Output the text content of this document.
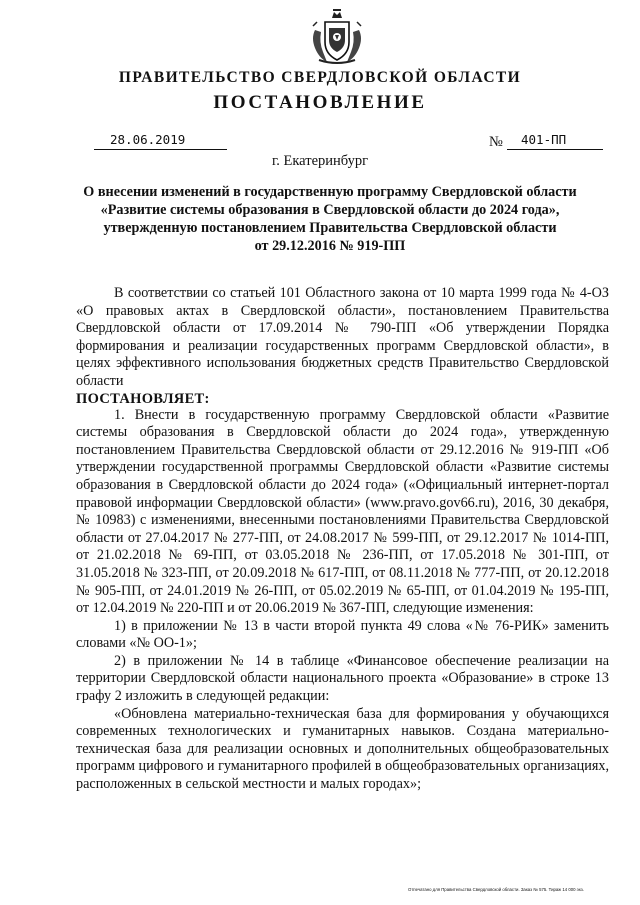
ПРАВИТЕЛЬСТВО СВЕРДЛОВСКОЙ ОБЛАСТИ
ПОСТАНОВЛЕНИЕ
28.06.2019	№ 401-ПП
г. Екатеринбург
О внесении изменений в государственную программу Свердловской области
«Развитие системы образования в Свердловской области до 2024 года»,
утвержденную постановлением Правительства Свердловской области
от 29.12.2016 № 919-ПП

В соответствии со статьей 101 Областного закона от 10 марта 1999 года № 4-ОЗ «О правовых актах в Свердловской области», постановлением Правительства Свердловской области от 17.09.2014 № 790-ПП «Об утверждении Порядка формирования и реализации государственных программ Свердловской области», в целях эффективного использования бюджетных средств Правительство Свердловской области

ПОСТАНОВЛЯЕТ:

1. Внести в государственную программу Свердловской области «Развитие системы образования в Свердловской области до 2024 года», утвержденную постановлением Правительства Свердловской области от 29.12.2016 № 919-ПП «Об утверждении государственной программы Свердловской области «Развитие системы образования в Свердловской области до 2024 года» («Официальный интернет-портал правовой информации Свердловской области» (www.pravo.gov66.ru), 2016, 30 декабря, № 10983) с изменениями, внесенными постановлениями Правительства Свердловской области от 27.04.2017 № 277-ПП, от 24.08.2017 № 599-ПП, от 29.12.2017 № 1014-ПП, от 21.02.2018 № 69-ПП, от 03.05.2018 № 236-ПП, от 17.05.2018 № 301-ПП, от 31.05.2018 № 323-ПП, от 20.09.2018 № 617-ПП, от 08.11.2018 № 777-ПП, от 20.12.2018 № 905-ПП, от 24.01.2019 № 26-ПП, от 05.02.2019 № 65-ПП, от 01.04.2019 № 195-ПП, от 12.04.2019 № 220-ПП и от 20.06.2019 № 367-ПП, следующие изменения:

1) в приложении № 13 в части второй пункта 49 слова «№ 76-РИК» заменить словами «№ ОО-1»;

2) в приложении № 14 в таблице «Финансовое обеспечение реализации на территории Свердловской области национального проекта «Образование» в строке 13 графу 2 изложить в следующей редакции:

«Обновлена материально-техническая база для формирования у обучающихся современных технологических и гуманитарных навыков. Создана материально-техническая база для реализации основных и дополнительных общеобразовательных программ цифрового и гуманитарного профилей в общеобразовательных организациях, расположенных в сельской местности и малых городах»;

Отпечатано для Правительства Свердловской области. Заказ № 575. Тираж 14 000 экз.
